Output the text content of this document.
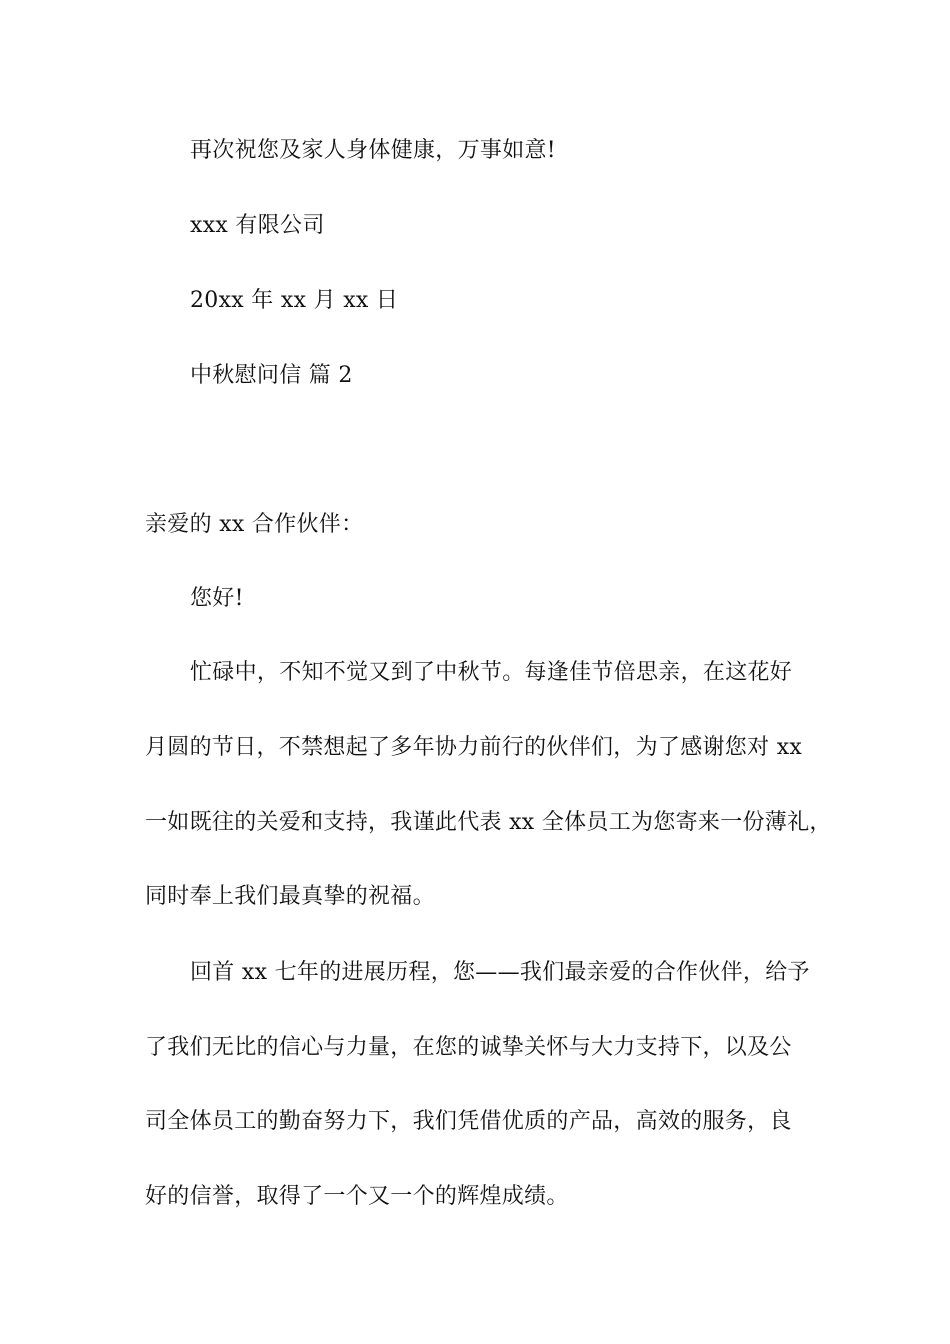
再次祝您及家人身体健康，万事如意!
xxx 有限公司
20xx 年 xx 月 xx 日
中秋慰问信 篇 2
亲爱的 xx 合作伙伴：
您好!
忙碌中，不知不觉又到了中秋节。每逢佳节倍思亲，在这花好
月圆的节日，不禁想起了多年协力前行的伙伴们，为了感谢您对 xx
一如既往的关爱和支持，我谨此代表 xx 全体员工为您寄来一份薄礼，
同时奉上我们最真挚的祝福。
回首 xx 七年的进展历程，您——我们最亲爱的合作伙伴，给予
了我们无比的信心与力量，在您的诚挚关怀与大力支持下，以及公
司全体员工的勤奋努力下，我们凭借优质的产品，高效的服务，良
好的信誉，取得了一个又一个的辉煌成绩。
